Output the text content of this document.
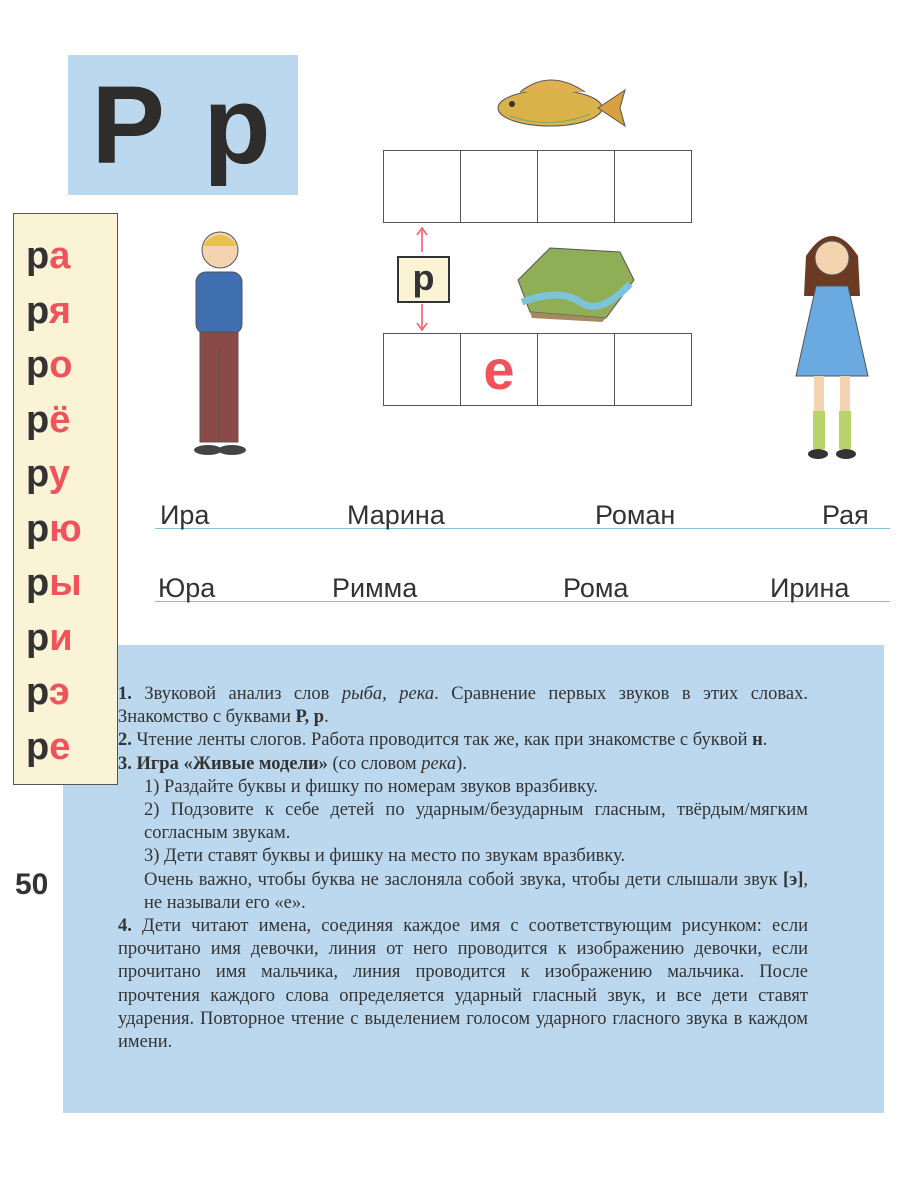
Р р
ра
ря
ро
рё
ру
рю
ры
ри
рэ
ре
е
р
Ира	Марина	Роман	Рая
Юра	Римма	Рома	Ирина

1. Звуковой анализ слов рыба, река. Сравнение первых звуков в этих словах. Знакомство с буквами Р, р.

2. Чтение ленты слогов. Работа проводится так же, как при знакомстве с буквой н.

3. Игра «Живые модели» (со словом река).

1) Раздайте буквы и фишку по номерам звуков вразбивку.

2) Подзовите к себе детей по ударным/безударным гласным, твёрдым/мягким согласным звукам.

3) Дети ставят буквы и фишку на место по звукам вразбивку.

Очень важно, чтобы буква не заслоняла собой звука, чтобы дети слышали звук [э], не называли его «е».

4. Дети читают имена, соединяя каждое имя с соответствующим рисунком: если прочитано имя девочки, линия от него проводится к изображению девочки, если прочитано имя мальчика, линия проводится к изображению мальчика. После прочтения каждого слова определяется ударный гласный звук, и все дети ставят ударения. Повторное чтение с выделением голосом ударного гласного звука в каждом имени.

50
